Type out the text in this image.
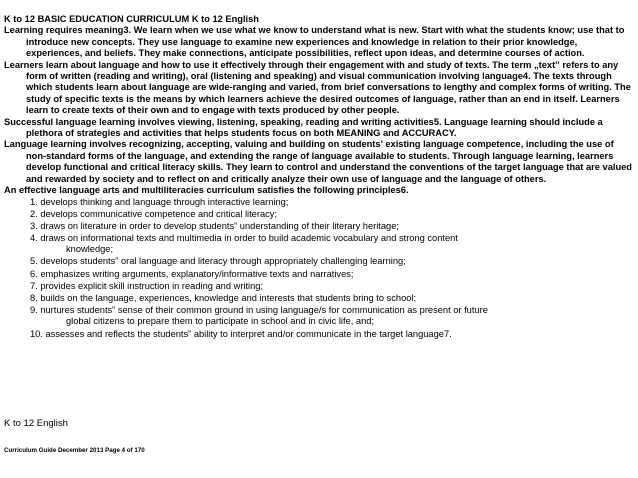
K to 12 BASIC EDUCATION CURRICULUM K to 12 English

Learning requires meaning3. We learn when we use what we know to understand what is new. Start with what the students know; use that to introduce new concepts. They use language to examine new experiences and knowledge in relation to their prior knowledge, experiences, and beliefs. They make connections, anticipate possibilities, reflect upon ideas, and determine courses of action.

Learners learn about language and how to use it effectively through their engagement with and study of texts. The term „text‟ refers to any form of written (reading and writing), oral (listening and speaking) and visual communication involving language4. The texts through which students learn about language are wide-ranging and varied, from brief conversations to lengthy and complex forms of writing. The study of specific texts is the means by which learners achieve the desired outcomes of language, rather than an end in itself. Learners learn to create texts of their own and to engage with texts produced by other people.

Successful language learning involves viewing, listening, speaking, reading and writing activities5. Language learning should include a plethora of strategies and activities that helps students focus on both MEANING and ACCURACY.

Language learning involves recognizing, accepting, valuing and building on students' existing language competence, including the use of non-standard forms of the language, and extending the range of language available to students. Through language learning, learners develop functional and critical literacy skills. They learn to control and understand the conventions of the target language that are valued and rewarded by society and to reflect on and critically analyze their own use of language and the language of others.

An effective language arts and multiliteracies curriculum satisfies the following principles6.

1. develops thinking and language through interactive learning;
2. develops communicative competence and critical literacy;
3. draws on literature in order to develop students‟ understanding of their literary heritage;
4. draws on informational texts and multimedia in order to build academic vocabulary and strong content
knowledge;
5. develops students‟ oral language and literacy through appropriately challenging learning;
6. emphasizes writing arguments, explanatory/informative texts and narratives;
7. provides explicit skill instruction in reading and writing;
8. builds on the language, experiences, knowledge and interests that students bring to school;
9. nurtures students‟ sense of their common ground in using language/s for communication as present or future
global citizens to prepare them to participate in school and in civic life, and;
10. assesses and reflects the students‟ ability to interpret and/or communicate in the target language7.
K to 12 English
Curriculum Guide December 2013 Page 4 of 170
